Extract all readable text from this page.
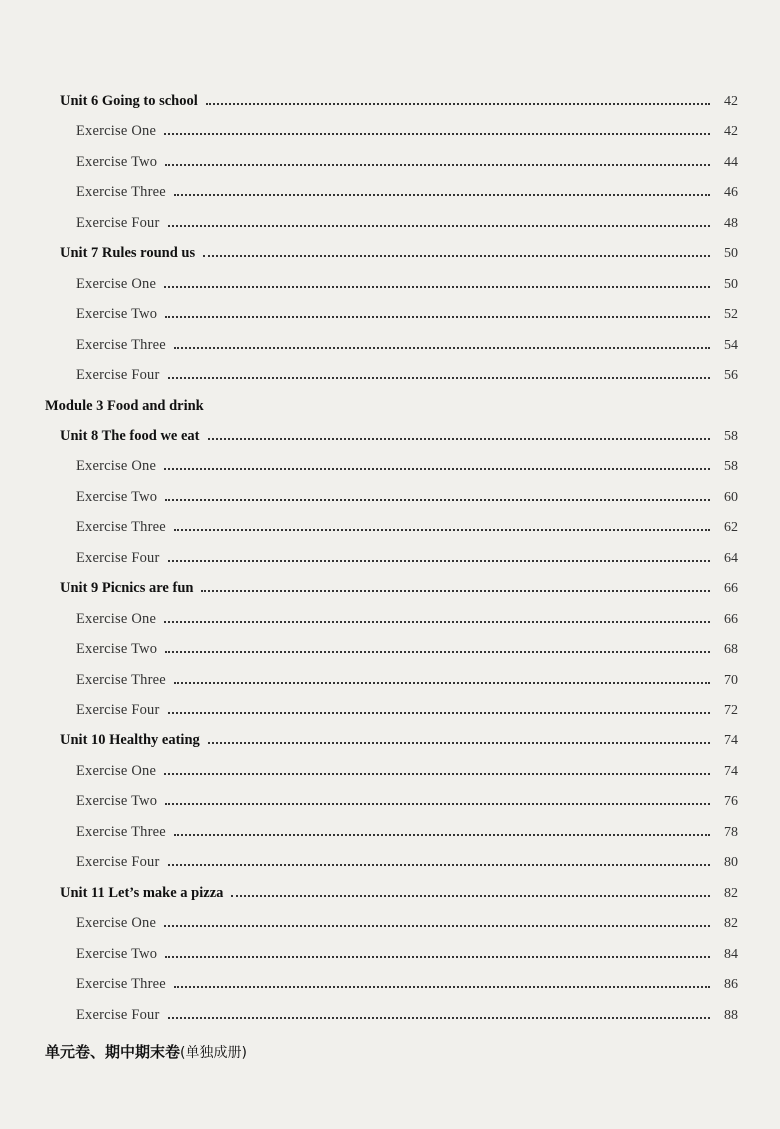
Unit 6 Going to school	42
Exercise One	42
Exercise Two	44
Exercise Three	46
Exercise Four	48
Unit 7 Rules round us	50
Exercise One	50
Exercise Two	52
Exercise Three	54
Exercise Four	56
Module 3 Food and drink
Unit 8 The food we eat	58
Exercise One	58
Exercise Two	60
Exercise Three	62
Exercise Four	64
Unit 9 Picnics are fun	66
Exercise One	66
Exercise Two	68
Exercise Three	70
Exercise Four	72
Unit 10 Healthy eating	74
Exercise One	74
Exercise Two	76
Exercise Three	78
Exercise Four	80
Unit 11 Let’s make a pizza	82
Exercise One	82
Exercise Two	84
Exercise Three	86
Exercise Four	88
单元卷、期中期末卷(单独成册)
